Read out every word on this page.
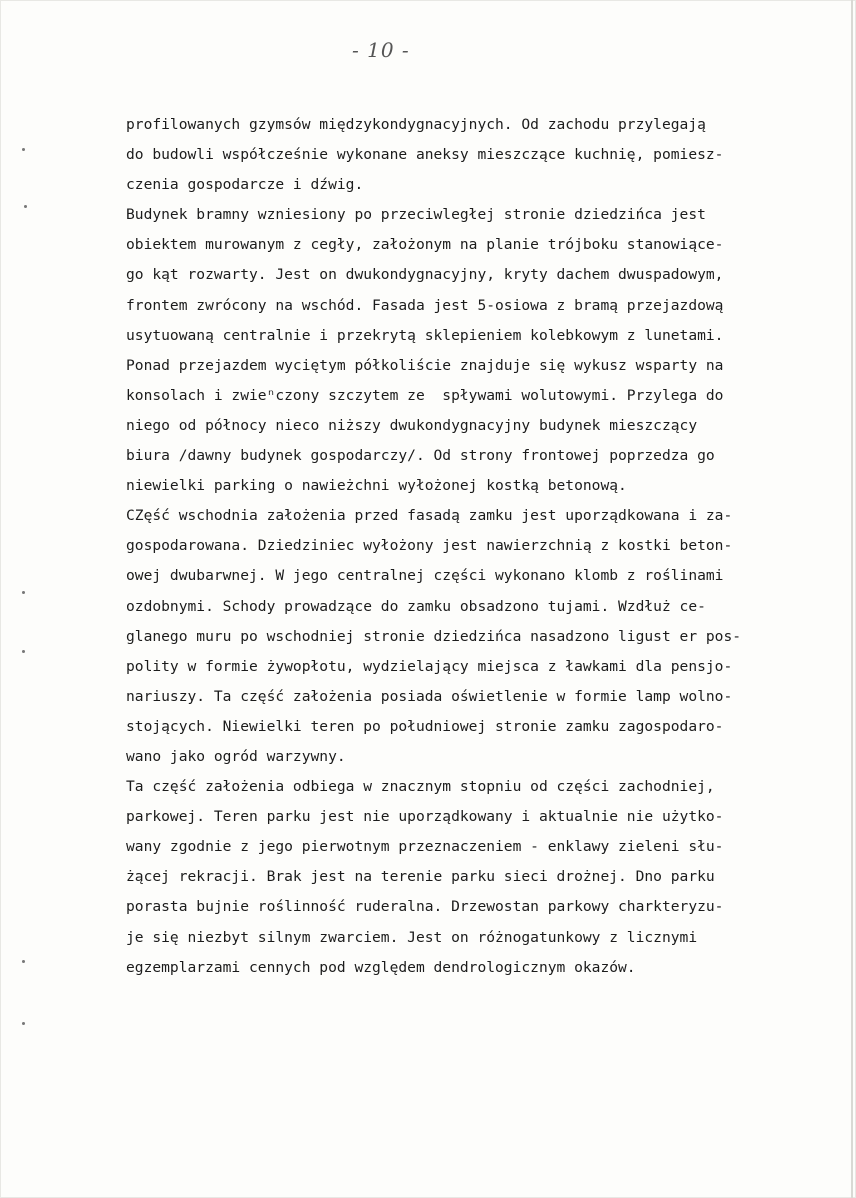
- 10 -
profilowanych gzymsów międzykondygnacyjnych. Od zachodu przylegają
do budowli współcześnie wykonane aneksy mieszczące kuchnię, pomiesz-
czenia gospodarcze i dźwig.
Budynek bramny wzniesiony po przeciwległej stronie dziedzińca jest
obiektem murowanym z cegły, założonym na planie trójboku stanowiące-
go kąt rozwarty. Jest on dwukondygnacyjny, kryty dachem dwuspadowym,
frontem zwrócony na wschód. Fasada jest 5-osiowa z bramą przejazdową
usytuowaną centralnie i przekrytą sklepieniem kolebkowym z lunetami.
Ponad przejazdem wyciętym półkoliście znajduje się wykusz wsparty na
konsolach i zwieⁿczony szczytem ze  spływami wolutowymi. Przylega do
niego od północy nieco niższy dwukondygnacyjny budynek mieszczący
biura /dawny budynek gospodarczy/. Od strony frontowej poprzedza go
niewielki parking o nawieżchni wyłożonej kostką betonową.
CZęść wschodnia założenia przed fasadą zamku jest uporządkowana i za-
gospodarowana. Dziedziniec wyłożony jest nawierzchnią z kostki beton-
owej dwubarwnej. W jego centralnej części wykonano klomb z roślinami
ozdobnymi. Schody prowadzące do zamku obsadzono tujami. Wzdłuż ce-
glanego muru po wschodniej stronie dziedzińca nasadzono ligust er pos-
polity w formie żywopłotu, wydzielający miejsca z ławkami dla pensjo-
nariuszy. Ta część założenia posiada oświetlenie w formie lamp wolno-
stojących. Niewielki teren po południowej stronie zamku zagospodaro-
wano jako ogród warzywny.
Ta część założenia odbiega w znacznym stopniu od części zachodniej,
parkowej. Teren parku jest nie uporządkowany i aktualnie nie użytko-
wany zgodnie z jego pierwotnym przeznaczeniem - enklawy zieleni słu-
żącej rekracji. Brak jest na terenie parku sieci drożnej. Dno parku
porasta bujnie roślinność ruderalna. Drzewostan parkowy charkteryzu-
je się niezbyt silnym zwarciem. Jest on różnogatunkowy z licznymi
egzemplarzami cennych pod względem dendrologicznym okazów.
